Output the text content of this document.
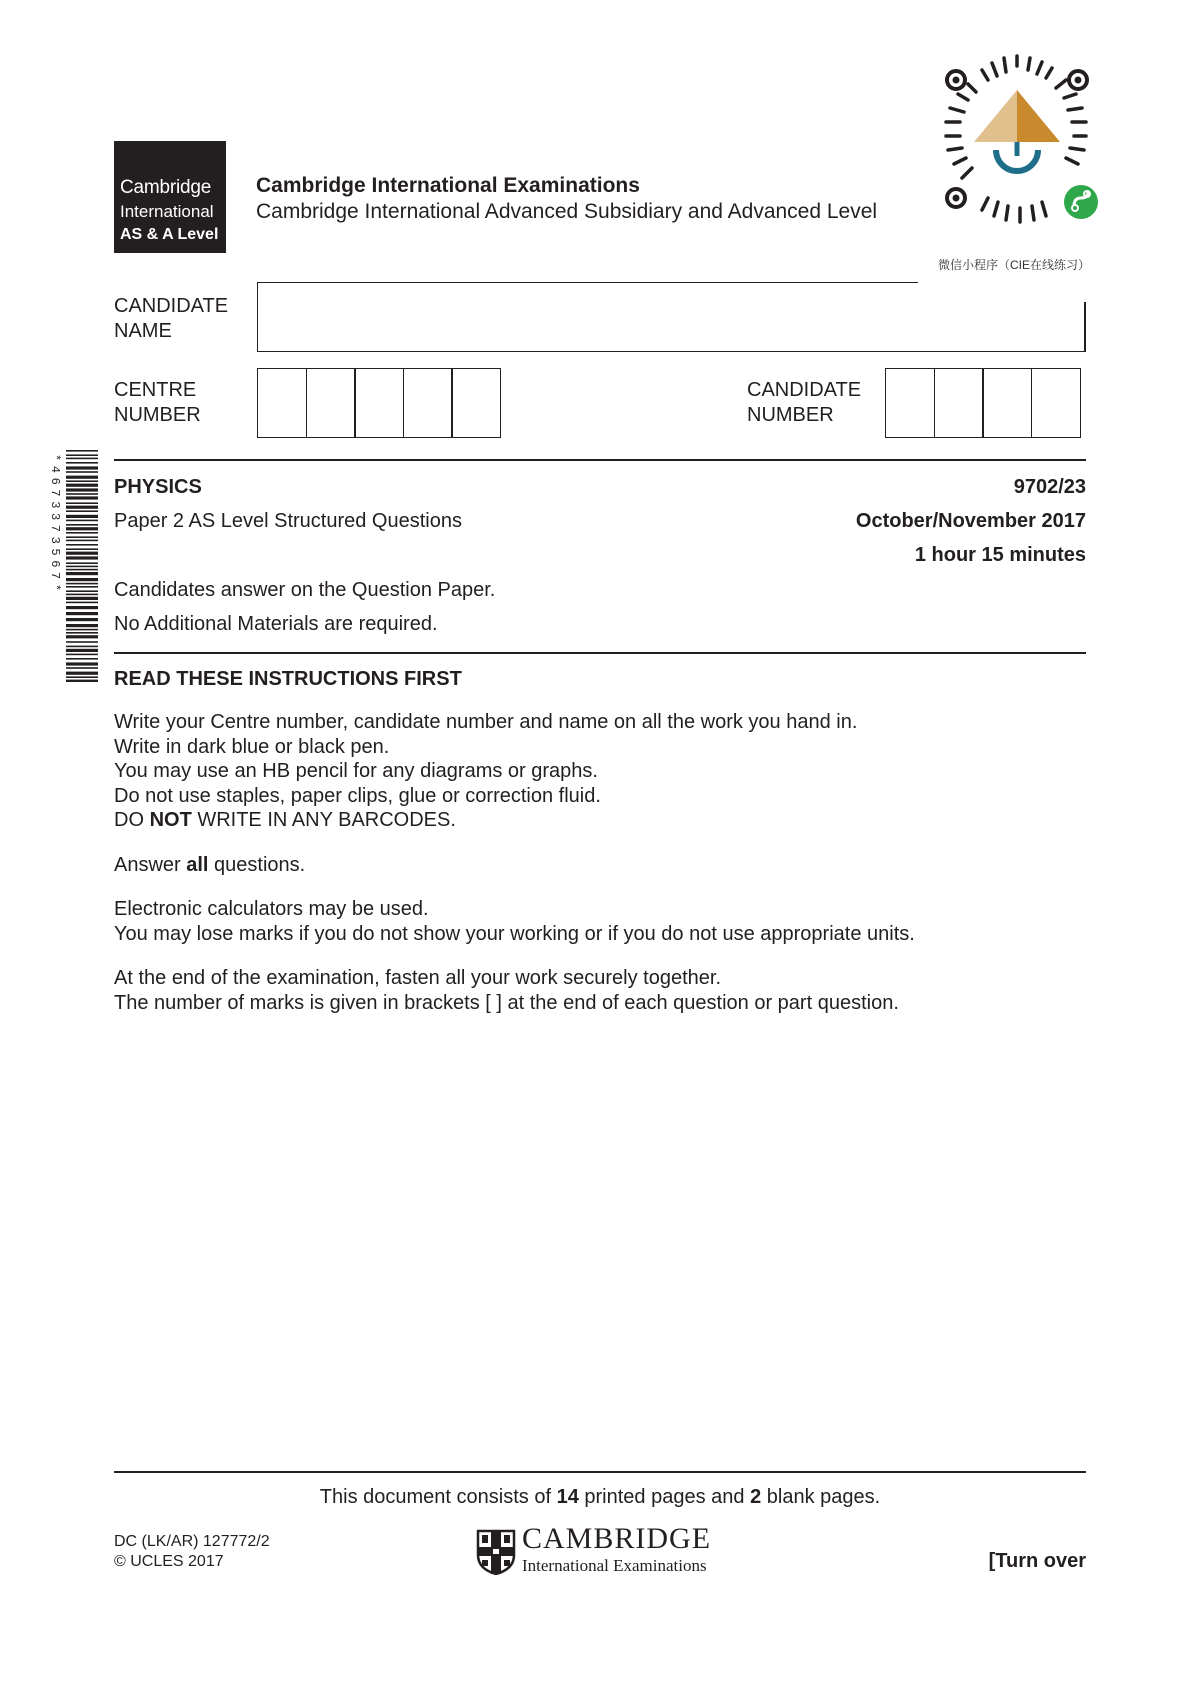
Cambridge
International
AS & A Level
Cambridge International Examinations
Cambridge International Advanced Subsidiary and Advanced Level
微信小程序（CIE在线练习）
CANDIDATE
NAME
CENTRE
NUMBER
CANDIDATE
NUMBER
*4673373567*	PHYSICS	9702/23
Paper 2 AS Level Structured Questions	October/November 2017
1 hour 15 minutes
Candidates answer on the Question Paper.
No Additional Materials are required.
READ THESE INSTRUCTIONS FIRST

Write your Centre number, candidate number and name on all the work you hand in.

Write in dark blue or black pen.

You may use an HB pencil for any diagrams or graphs.

Do not use staples, paper clips, glue or correction fluid.

DO NOT WRITE IN ANY BARCODES.

Answer all questions.

Electronic calculators may be used.

You may lose marks if you do not show your working or if you do not use appropriate units.

At the end of the examination, fasten all your work securely together.

The number of marks is given in brackets [ ] at the end of each question or part question.

This document consists of 14 printed pages and 2 blank pages.
DC (LK/AR) 127772/2
© UCLES 2017
CAMBRIDGE
International Examinations	[Turn over
